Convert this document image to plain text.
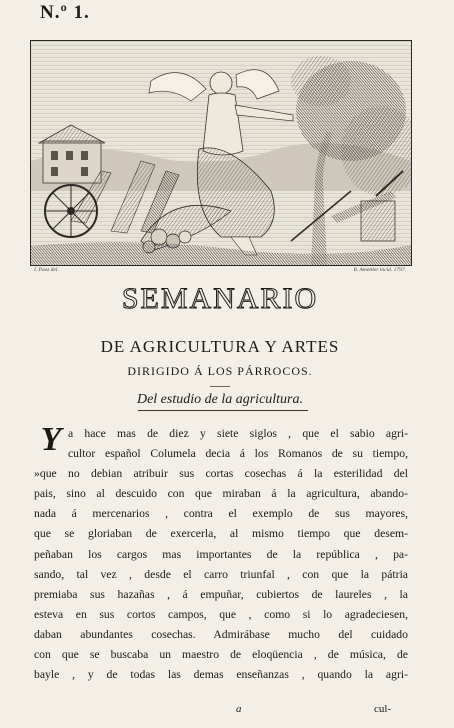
N.º 1.
I. Paez del.	B. Amettler incid. 1797.
SEMANARIO
DE AGRICULTURA Y ARTES
DIRIGIDO Á LOS PÁRROCOS.
Del estudio de la agricultura.
Y a hace mas de diez y siete siglos , que el sabio agri-
cultor español Columela decia á los Romanos de su tiempo,
»que no debian atribuir sus cortas cosechas á la esterilidad del
pais, sino al descuido con que miraban á la agricultura, abando-
nada á mercenarios , contra el exemplo de sus mayores,
que se gloriaban de exercerla, al mismo tiempo que desem-
peñaban los cargos mas importantes de la república , pa-
sando, tal vez , desde el carro triunfal , con que la pátria
premiaba sus hazañas , á empuñar, cubiertos de laureles , la
esteva en sus cortos campos, que , como si lo agradeciesen,
daban abundantes cosechas. Admirábase mucho del cuidado
con que se buscaba un maestro de eloqüencia , de música, de
bayle , y de todas las demas enseñanzas , quando la agri-
a	cul-
